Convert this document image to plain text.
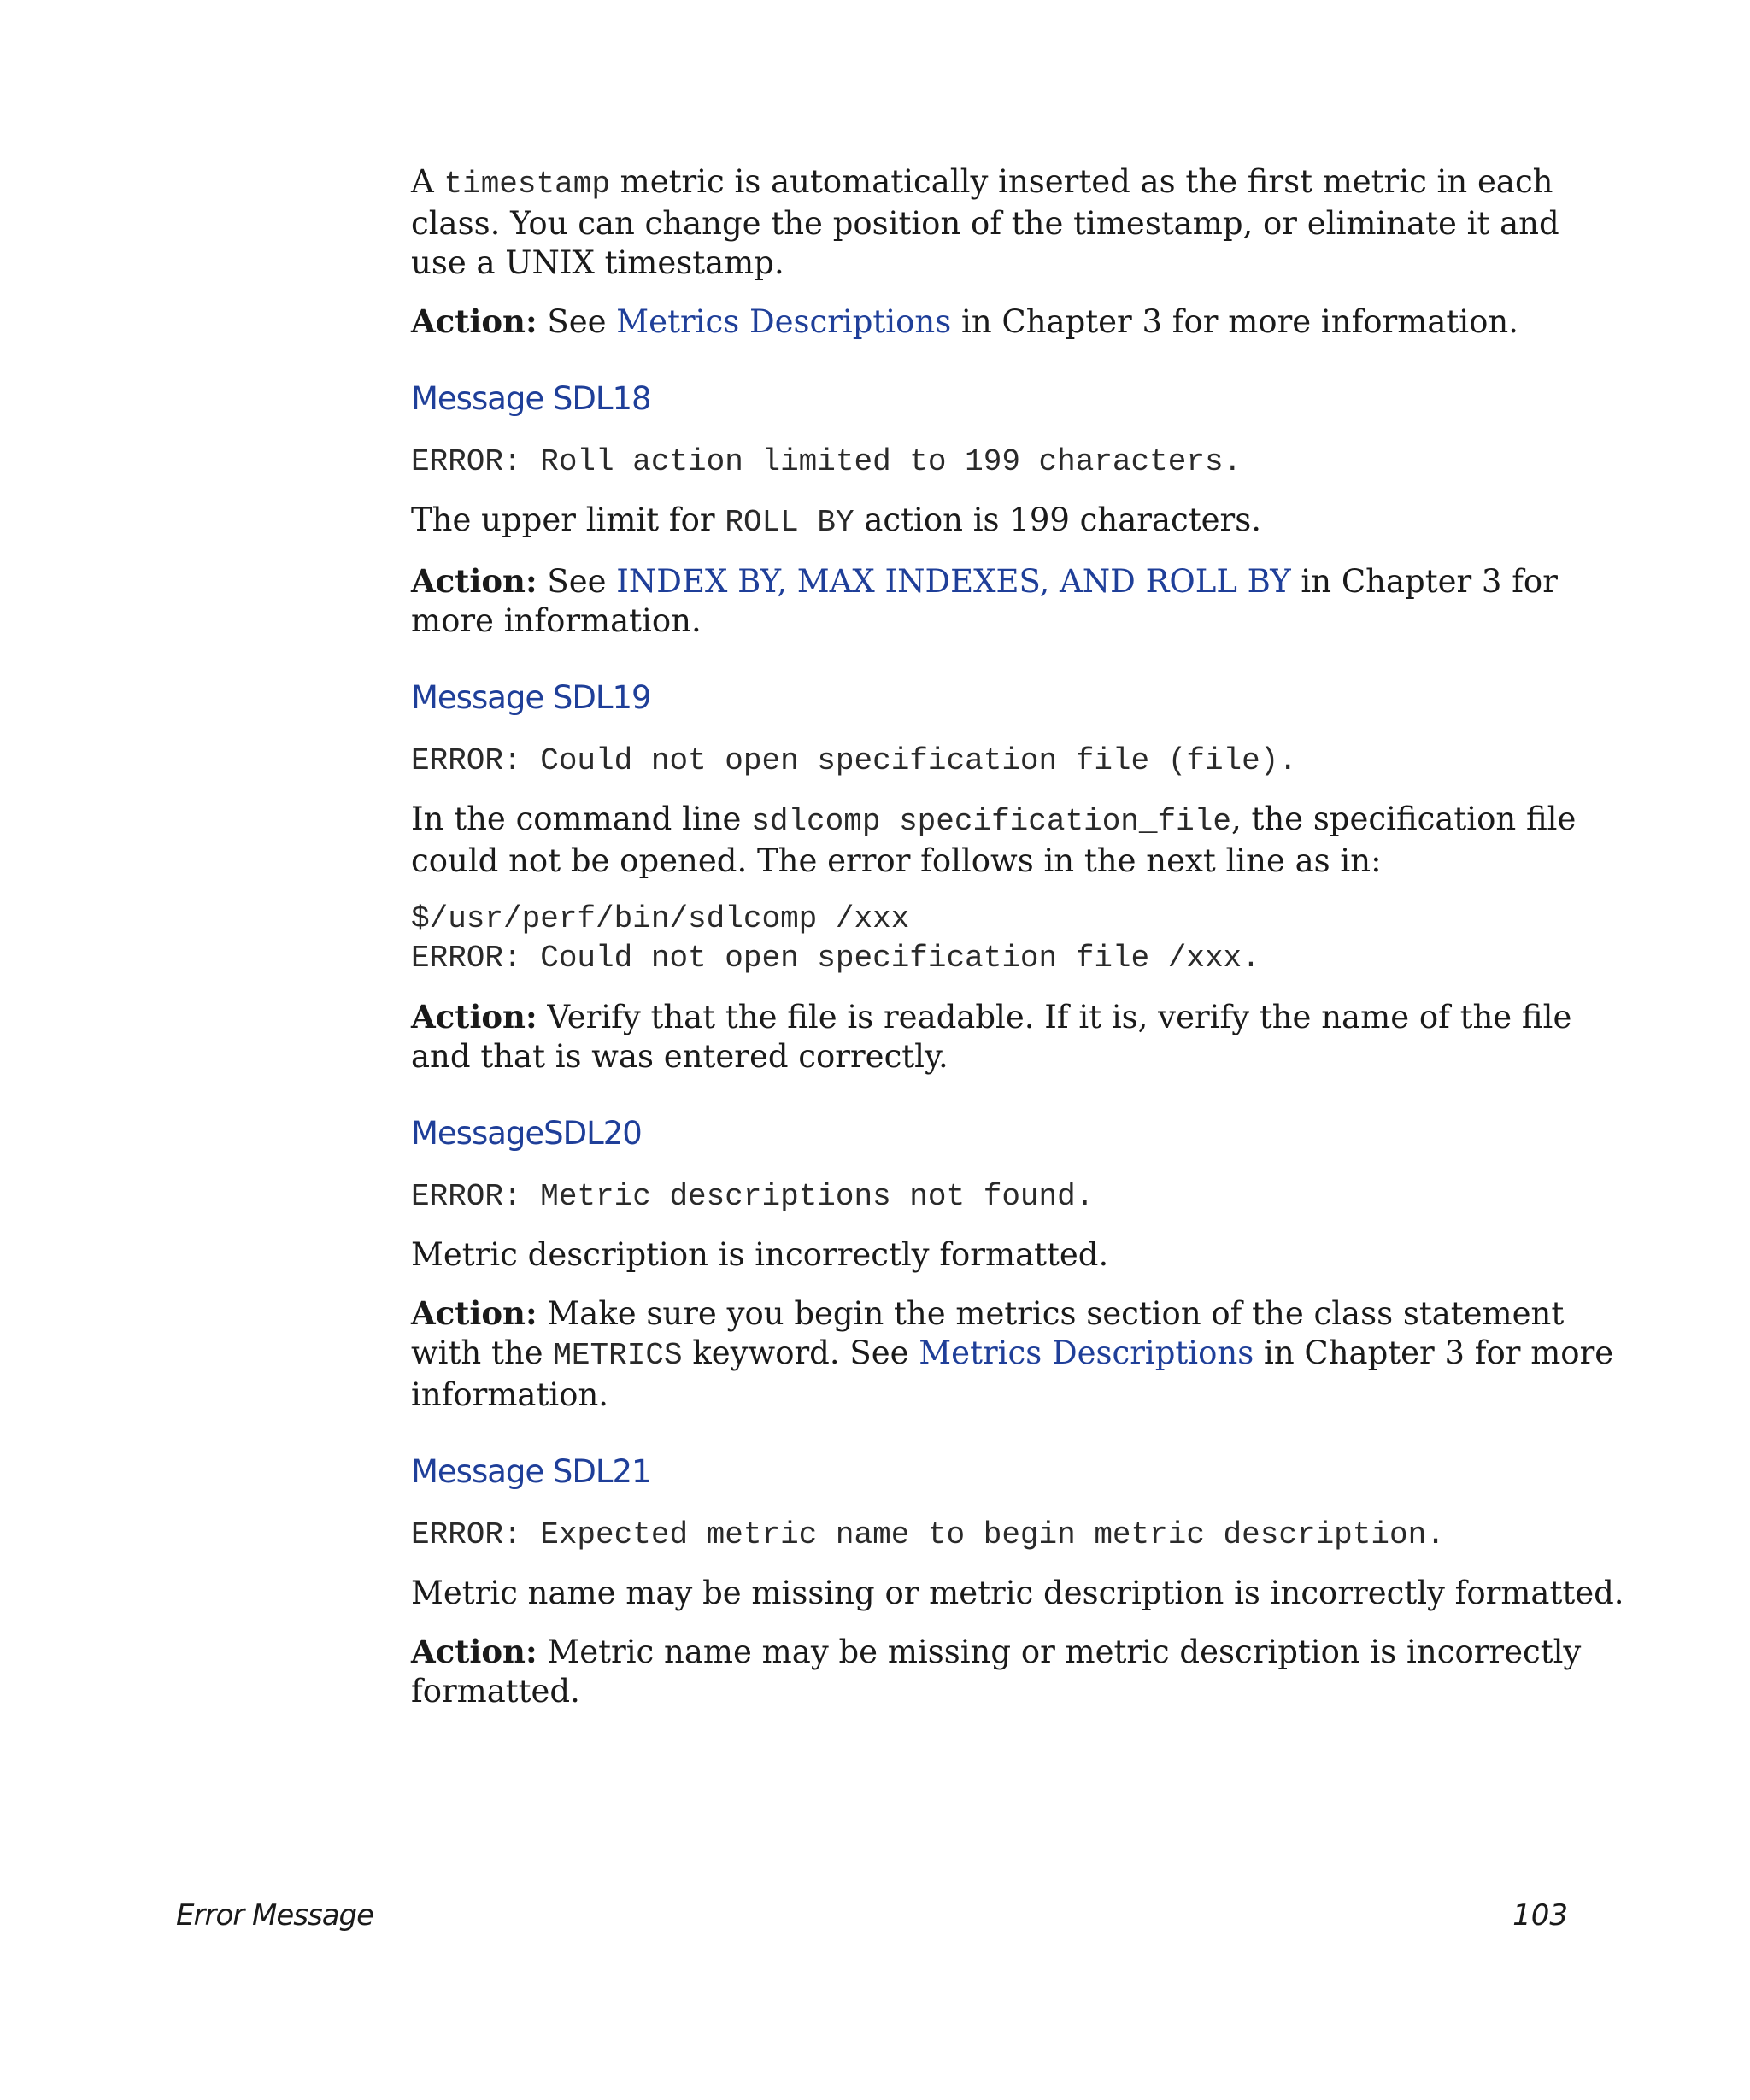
A timestamp metric is automatically inserted as the first metric in each class. You can change the position of the timestamp, or eliminate it and use a UNIX timestamp.

Action: See Metrics Descriptions in Chapter 3 for more information.

Message SDL18
ERROR: Roll action limited to 199 characters.

The upper limit for ROLL BY action is 199 characters.

Action: See INDEX BY, MAX INDEXES, AND ROLL BY in Chapter 3 for more information.

Message SDL19
ERROR: Could not open specification file (file).

In the command line sdlcomp specification_file, the specification file could not be opened. The error follows in the next line as in:

$/usr/perf/bin/sdlcomp /xxx
ERROR: Could not open specification file /xxx.

Action: Verify that the file is readable. If it is, verify the name of the file and that is was entered correctly.

MessageSDL20
ERROR: Metric descriptions not found.

Metric description is incorrectly formatted.

Action: Make sure you begin the metrics section of the class statement with the METRICS keyword. See Metrics Descriptions in Chapter 3 for more information.

Message SDL21
ERROR: Expected metric name to begin metric description.

Metric name may be missing or metric description is incorrectly formatted.

Action: Metric name may be missing or metric description is incorrectly formatted.

Error Message	103
